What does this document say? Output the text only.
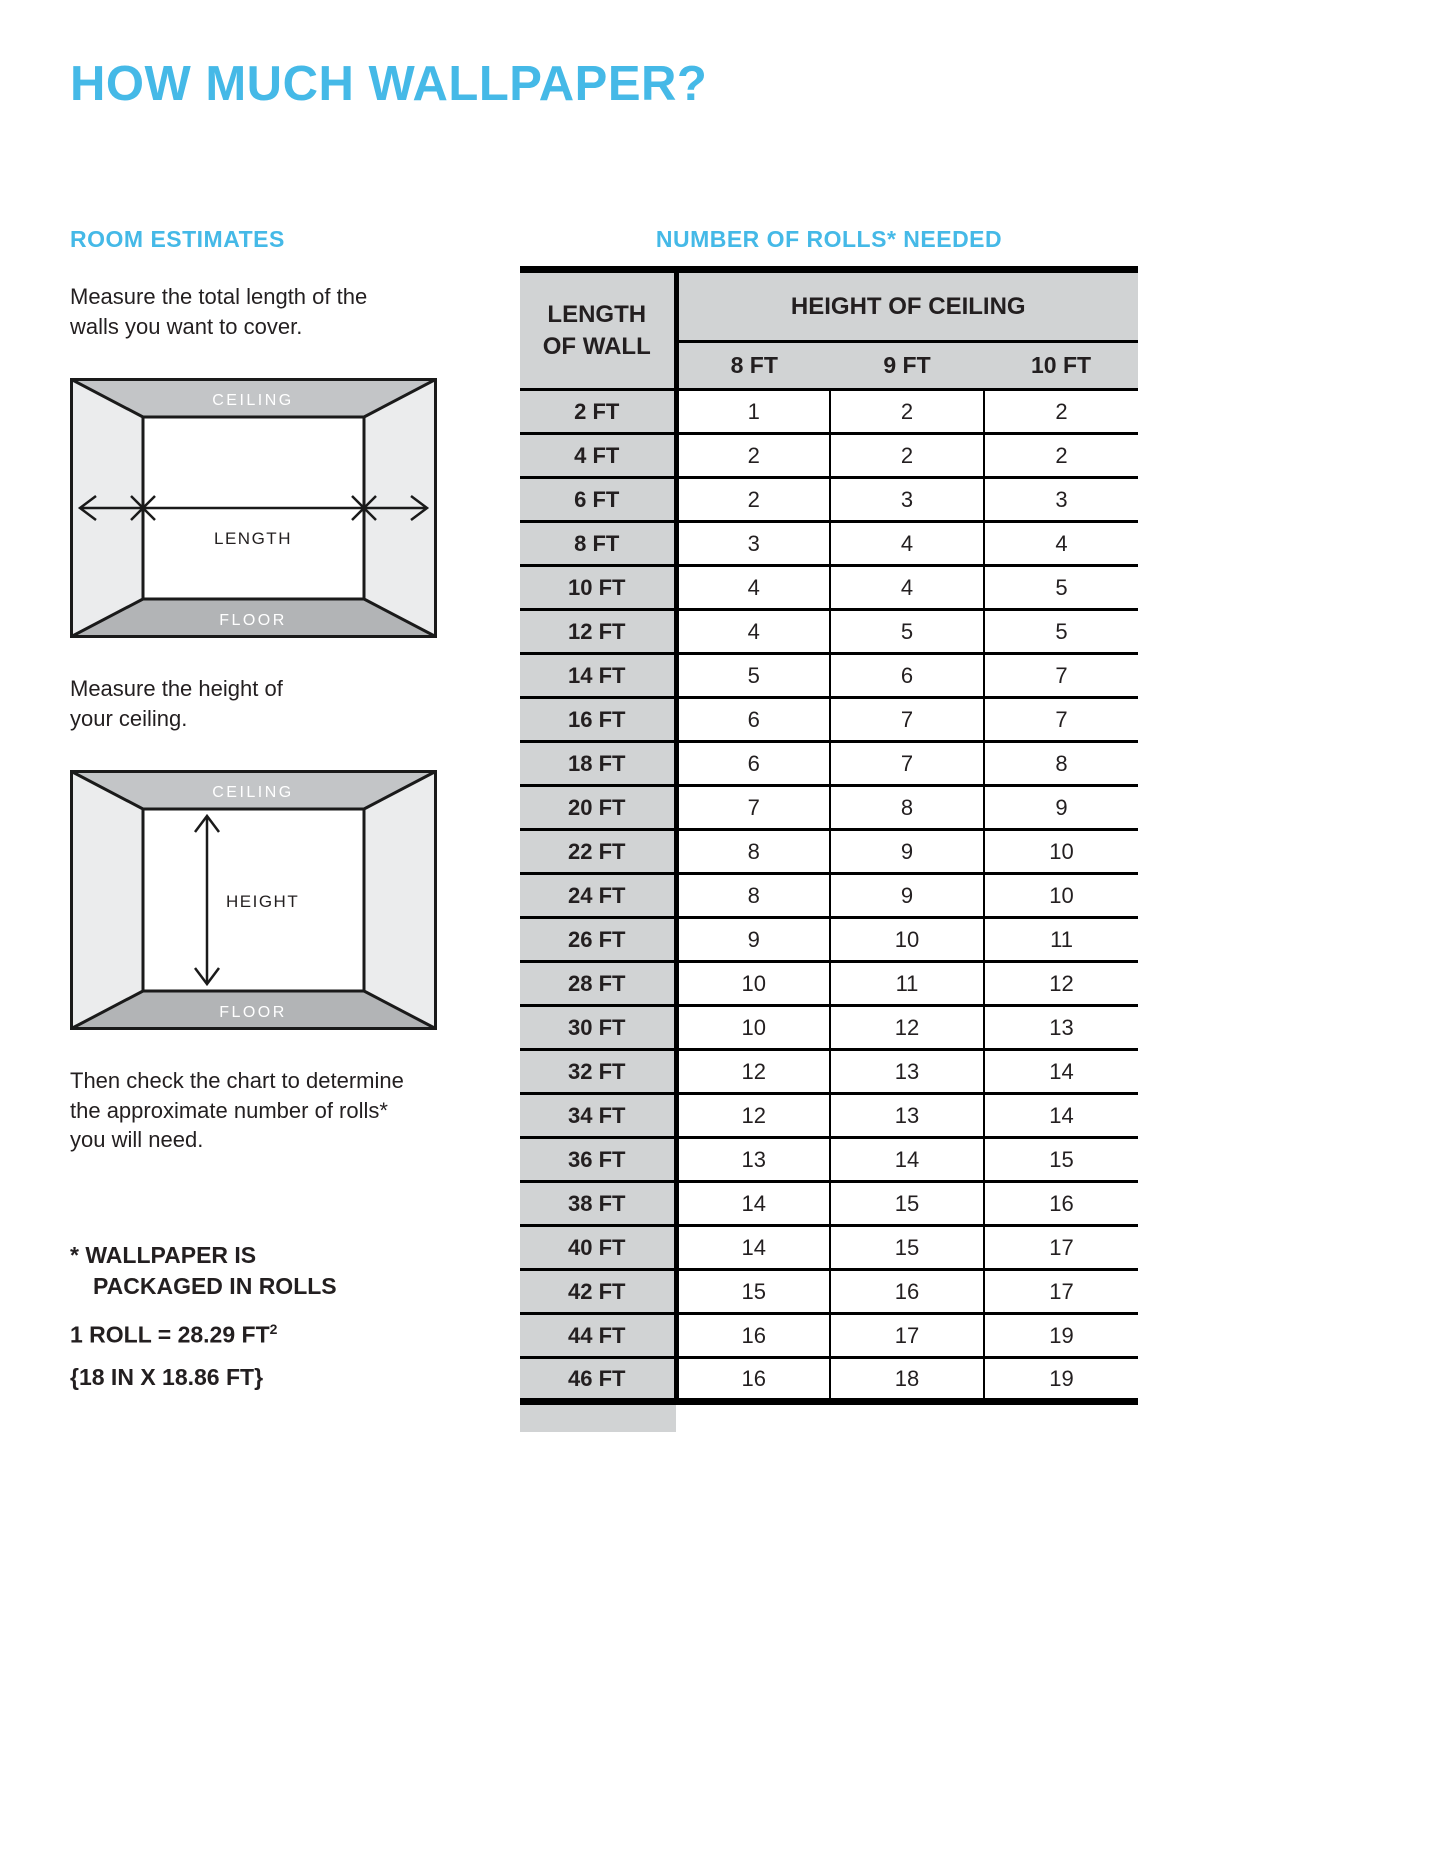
HOW MUCH WALLPAPER?
ROOM ESTIMATES

Measure the total length of the walls you want to cover.

CEILING
FLOOR
LENGTH

Measure the height of your ceiling.

CEILING
FLOOR
HEIGHT

Then check the chart to determine the approximate number of rolls* you will need.

* WALLPAPER IS
PACKAGED IN ROLLS
1 ROLL = 28.29 $FT^2$
{18 IN X 18.86 FT}
NUMBER OF ROLLS* NEEDED
LENGTH
OF WALL	HEIGHT OF CEILING		
	8 FT	9 FT	10 FT
2 FT	1	2	2
4 FT	2	2	2
6 FT	2	3	3
8 FT	3	4	4
10 FT	4	4	5
12 FT	4	5	5
14 FT	5	6	7
16 FT	6	7	7
18 FT	6	7	8
20 FT	7	8	9
22 FT	8	9	10
24 FT	8	9	10
26 FT	9	10	11
28 FT	10	11	12
30 FT	10	12	13
32 FT	12	13	14
34 FT	12	13	14
36 FT	13	14	15
38 FT	14	15	16
40 FT	14	15	17
42 FT	15	16	17
44 FT	16	17	19
46 FT	16	18	19
